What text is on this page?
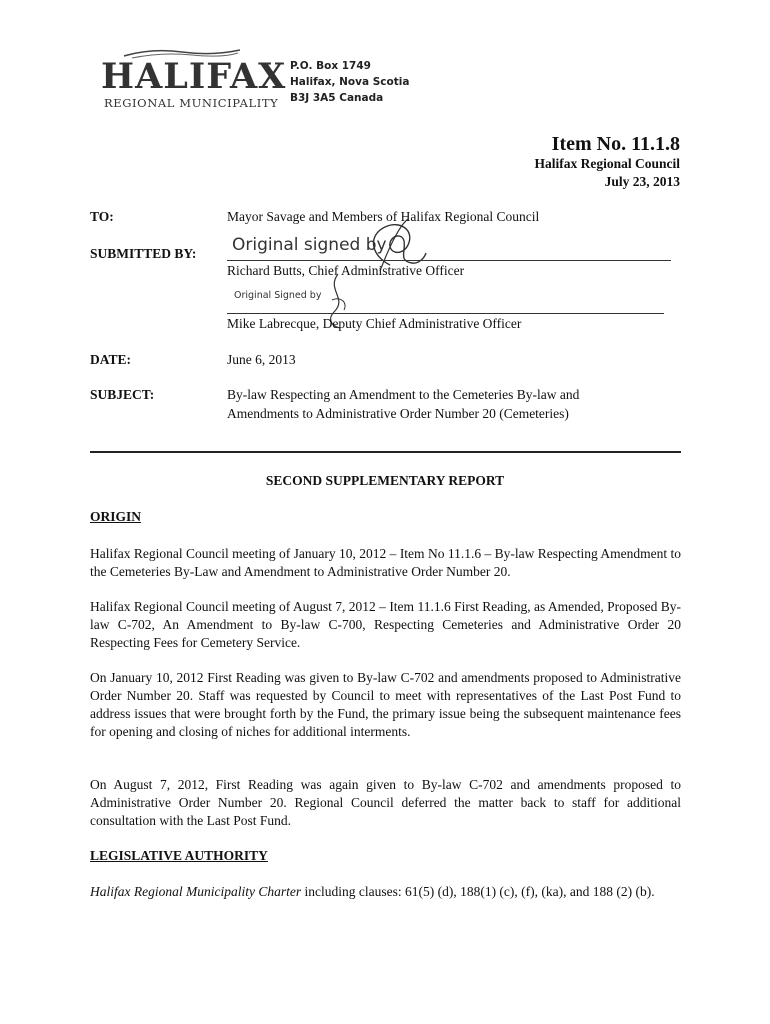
HALIFAX
REGIONAL MUNICIPALITY
P.O. Box 1749
Halifax, Nova Scotia
B3J 3A5 Canada
Item No. 11.1.8
Halifax Regional Council
July 23, 2013
TO:	Mayor Savage and Members of Halifax Regional Council
SUBMITTED BY: Original signed by
Richard Butts, Chief Administrative Officer
Original Signed by
Mike Labrecque, Deputy Chief Administrative Officer
DATE:	June 6, 2013
SUBJECT:	By-law Respecting an Amendment to the Cemeteries By-law and
Amendments to Administrative Order Number 20 (Cemeteries)
SECOND SUPPLEMENTARY REPORT
ORIGIN

Halifax Regional Council meeting of January 10, 2012 – Item No 11.1.6 – By-law Respecting Amendment to the Cemeteries By-Law and Amendment to Administrative Order Number 20.

Halifax Regional Council meeting of August 7, 2012 – Item 11.1.6 First Reading, as Amended, Proposed By-law C-702, An Amendment to By-law C-700, Respecting Cemeteries and Administrative Order 20 Respecting Fees for Cemetery Service.

On January 10, 2012 First Reading was given to By-law C-702 and amendments proposed to Administrative Order Number 20. Staff was requested by Council to meet with representatives of the Last Post Fund to address issues that were brought forth by the Fund, the primary issue being the subsequent maintenance fees for opening and closing of niches for additional interments.

On August 7, 2012, First Reading was again given to By-law C-702 and amendments proposed to Administrative Order Number 20. Regional Council deferred the matter back to staff for additional consultation with the Last Post Fund.

LEGISLATIVE AUTHORITY

Halifax Regional Municipality Charter including clauses: 61(5) (d), 188(1) (c), (f), (ka), and 188 (2) (b).
